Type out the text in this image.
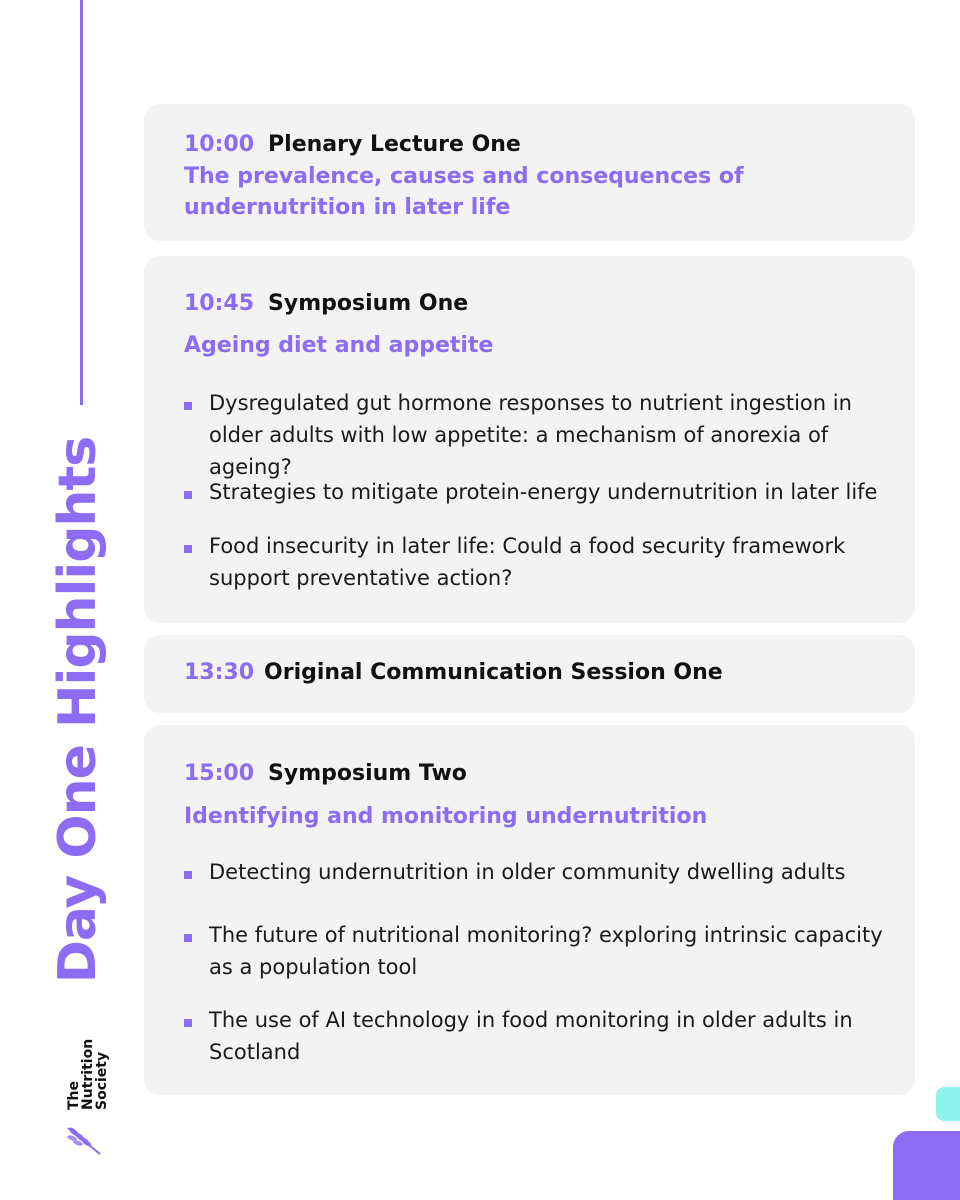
Day One Highlights
The
Nutrition
Society
10:00 Plenary Lecture One
The prevalence, causes and consequences of undernutrition in later life
10:45 Symposium One
Ageing diet and appetite
Dysregulated gut hormone responses to nutrient ingestion in older adults with low appetite: a mechanism of anorexia of ageing?
Strategies to mitigate protein-energy undernutrition in later life
Food insecurity in later life: Could a food security framework support preventative action?
13:30 Original Communication Session One
15:00 Symposium Two
Identifying and monitoring undernutrition
Detecting undernutrition in older community dwelling adults
The future of nutritional monitoring? exploring intrinsic capacity as a population tool
The use of AI technology in food monitoring in older adults in Scotland
